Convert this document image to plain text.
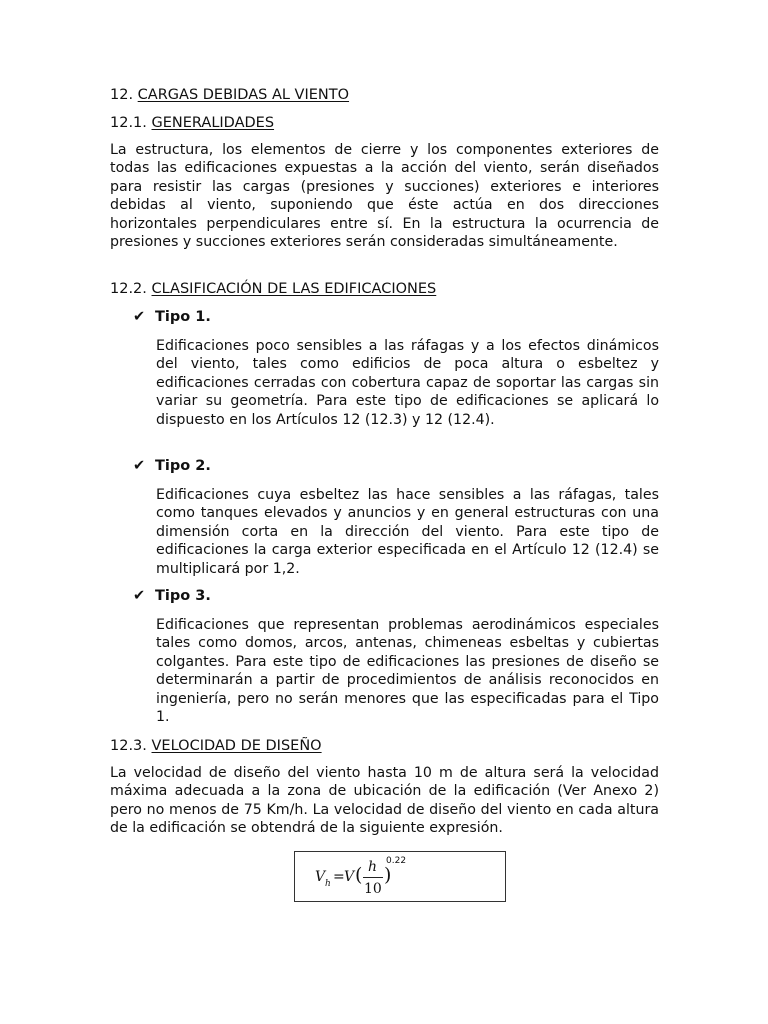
12. CARGAS DEBIDAS AL VIENTO
12.1. GENERALIDADES

La estructura, los elementos de cierre y los componentes exteriores de todas las edificaciones expuestas a la acción del viento, serán diseñados para resistir las cargas (presiones y succiones) exteriores e interiores debidas al viento, suponiendo que éste actúa en dos direcciones horizontales perpendiculares entre sí. En la estructura la ocurrencia de presiones y succiones exteriores serán consideradas simultáneamente.

12.2. CLASIFICACIÓN DE LAS EDIFICACIONES
✔ Tipo 1.

Edificaciones poco sensibles a las ráfagas y a los efectos dinámicos del viento, tales como edificios de poca altura o esbeltez y edificaciones cerradas con cobertura capaz de soportar las cargas sin variar su geometría. Para este tipo de edificaciones se aplicará lo dispuesto en los Artículos 12 (12.3) y 12 (12.4).

✔ Tipo 2.

Edificaciones cuya esbeltez las hace sensibles a las ráfagas, tales como tanques elevados y anuncios y en general estructuras con una dimensión corta en la dirección del viento. Para este tipo de edificaciones la carga exterior especificada en el Artículo 12 (12.4) se multiplicará por 1,2.

✔ Tipo 3.

Edificaciones que representan problemas aerodinámicos especiales tales como domos, arcos, antenas, chimeneas esbeltas y cubiertas colgantes. Para este tipo de edificaciones las presiones de diseño se determinarán a partir de procedimientos de análisis reconocidos en ingeniería, pero no serán menores que las especificadas para el Tipo 1.

12.3. VELOCIDAD DE DISEÑO

La velocidad de diseño del viento hasta 10 m de altura será la velocidad máxima adecuada a la zona de ubicación de la edificación (Ver Anexo 2) pero no menos de 75 Km/h. La velocidad de diseño del viento en cada altura de la edificación se obtendrá de la siguiente expresión.

V h = V ( h
10
)
0.22
